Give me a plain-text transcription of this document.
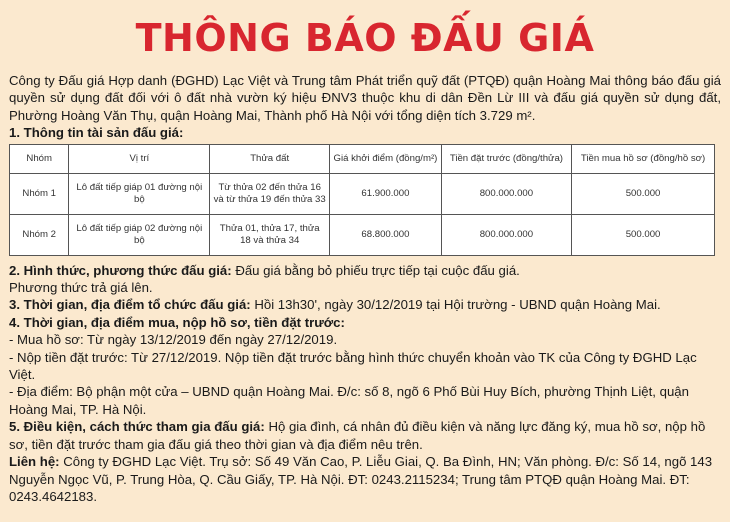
THÔNG BÁO ĐẤU GIÁ

Công ty Đấu giá Hợp danh (ĐGHD) Lạc Việt và Trung tâm Phát triển quỹ đất (PTQĐ) quận Hoàng Mai thông báo đấu giá quyền sử dụng đất đối với ô đất nhà vườn ký hiệu ĐNV3 thuộc khu di dân Đền Lừ III và đấu giá quyền sử dụng đất, Phường Hoàng Văn Thụ, quận Hoàng Mai, Thành phố Hà Nội với tổng diện tích 3.729 m².

1. Thông tin tài sản đấu giá:

Nhóm	Vị trí	Thửa đất	Giá khởi điểm (đồng/m²)	Tiền đặt trước (đồng/thửa)	Tiền mua hồ sơ (đồng/hồ sơ)
Nhóm 1	Lô đất tiếp giáp 01 đường nội bộ	Từ thửa 02 đến thửa 16 và từ thửa 19 đến thửa 33	61.900.000	800.000.000	500.000
Nhóm 2	Lô đất tiếp giáp 02 đường nội bộ	Thửa 01, thửa 17, thửa 18 và thửa 34	68.800.000	800.000.000	500.000

2. Hình thức, phương thức đấu giá: Đấu giá bằng bỏ phiếu trực tiếp tại cuộc đấu giá.

Phương thức trả giá lên.

3. Thời gian, địa điểm tổ chức đấu giá: Hồi 13h30', ngày 30/12/2019 tại Hội trường - UBND quận Hoàng Mai.

4. Thời gian, địa điểm mua, nộp hồ sơ, tiền đặt trước:

- Mua hồ sơ: Từ ngày 13/12/2019 đến ngày 27/12/2019.

- Nộp tiền đặt trước: Từ 27/12/2019. Nộp tiền đặt trước bằng hình thức chuyển khoản vào TK của Công ty ĐGHD Lạc Việt.

- Địa điểm: Bộ phận một cửa – UBND quận Hoàng Mai. Đ/c: số 8, ngõ 6 Phố Bùi Huy Bích, phường Thịnh Liệt, quận Hoàng Mai, TP. Hà Nội.

5. Điều kiện, cách thức tham gia đấu giá: Hộ gia đình, cá nhân đủ điều kiện và năng lực đăng ký, mua hồ sơ, nộp hồ sơ, tiền đặt trước tham gia đấu giá theo thời gian và địa điểm nêu trên.

Liên hệ: Công ty ĐGHD Lạc Việt. Trụ sở: Số 49 Văn Cao, P. Liễu Giai, Q. Ba Đình, HN; Văn phòng. Đ/c: Số 14, ngõ 143 Nguyễn Ngọc Vũ, P. Trung Hòa, Q. Cầu Giấy, TP. Hà Nội. ĐT: 0243.2115234; Trung tâm PTQĐ quận Hoàng Mai. ĐT: 0243.4642183.
